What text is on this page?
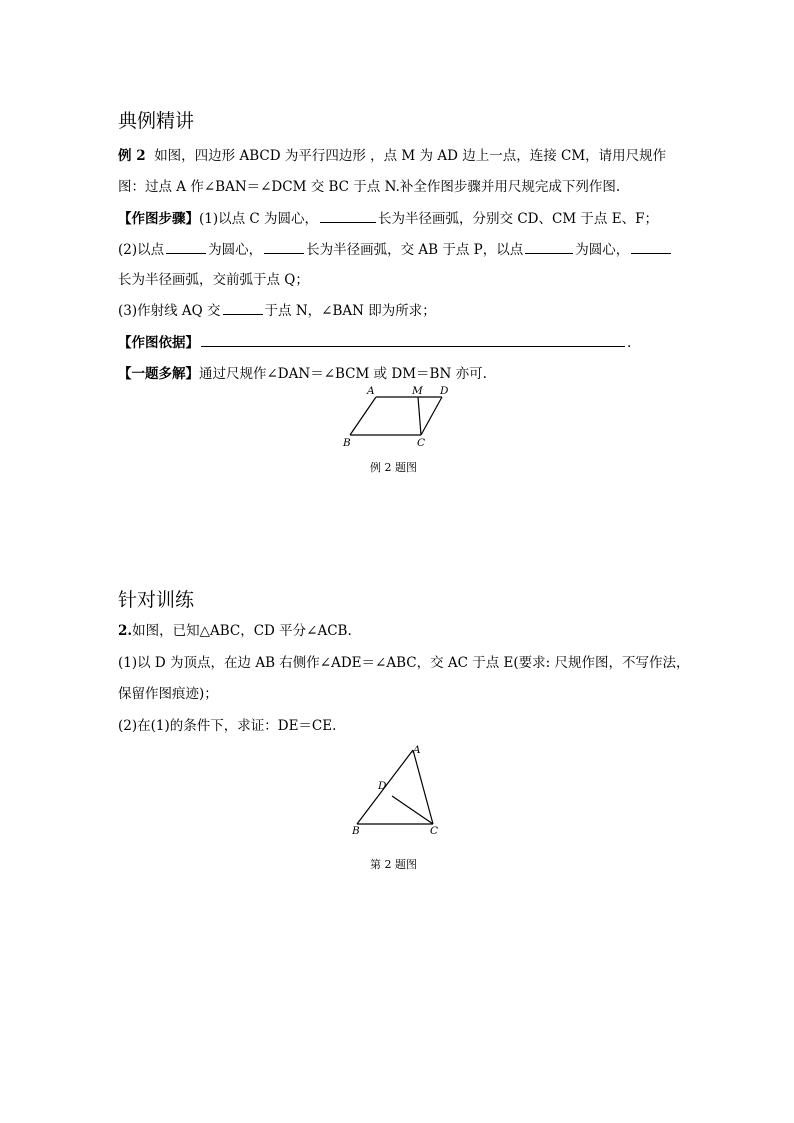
典例精讲
例 2 如图，四边形 ABCD 为平行四边形 ，点 M 为 AD 边上一点，连接 CM，请用尺规作
图：过点 A 作∠BAN＝∠DCM 交 BC 于点 N.补全作图步骤并用尺规完成下列作图.
【作图步骤】(1)以点 C 为圆心，	长为半径画弧，分别交 CD、CM 于点 E、F；
(2)以点	为圆心，	长为半径画弧，交 AB 于点 P，以点	为圆心，
长为半径画弧，交前弧于点 Q；
(3)作射线 AQ 交	于点 N，∠BAN 即为所求；
【作图依据】	.
【一题多解】通过尺规作∠DAN＝∠BCM 或 DM＝BN 亦可.
A	M D
B	C
例 2 题图
针对训练
2.如图，已知△ABC，CD 平分∠ACB.
(1)以 D 为顶点，在边 AB 右侧作∠ADE＝∠ABC，交 AC 于点 E(要求: 尺规作图，不写作法，
保留作图痕迹)；
(2)在(1)的条件下，求证：DE＝CE.
A
D
B	C
第 2 题图
